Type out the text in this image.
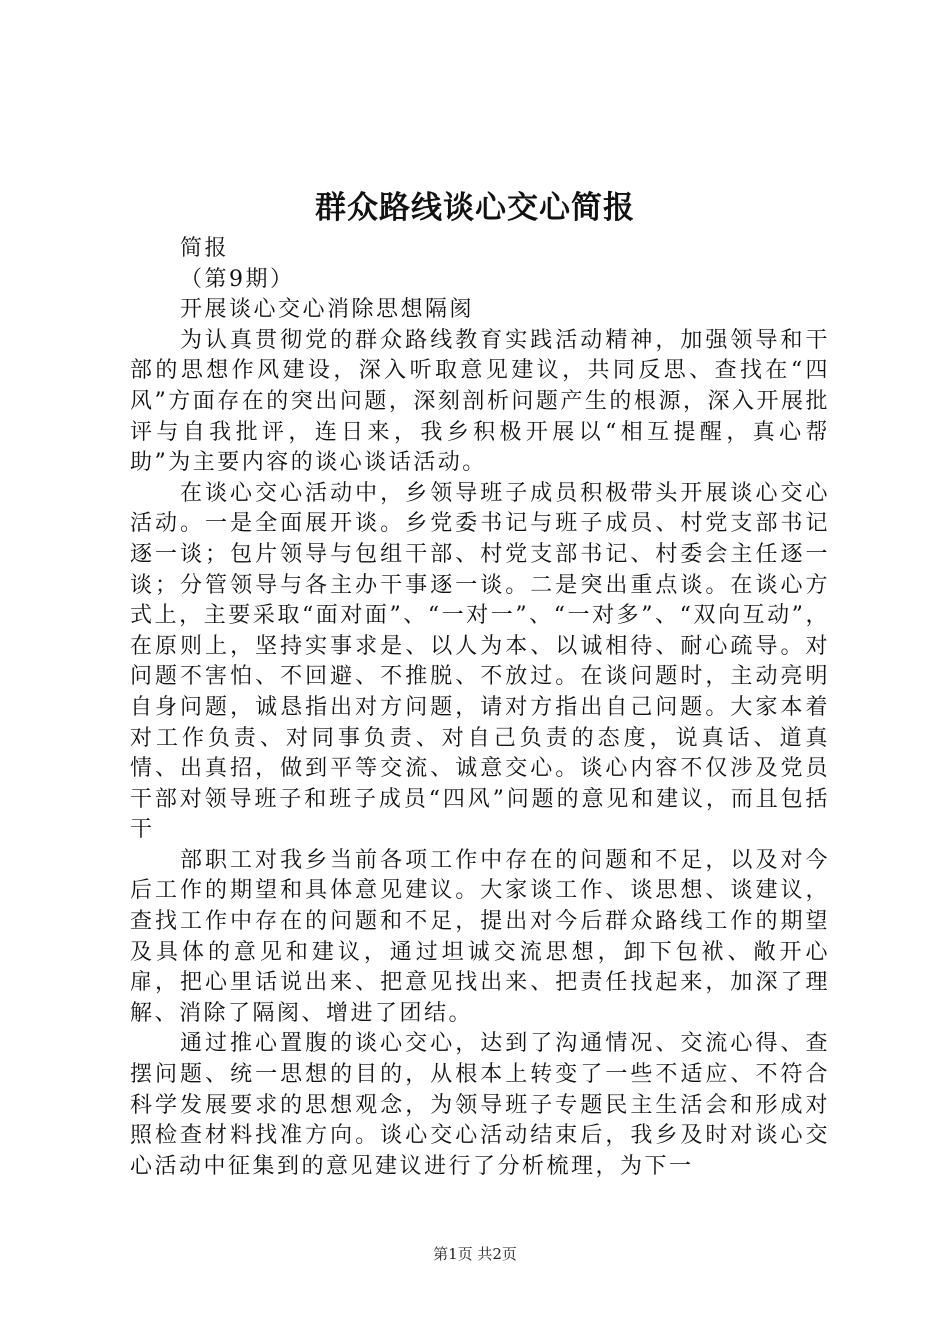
群众路线谈心交心简报

简报

（第9期）

开展谈心交心消除思想隔阂

为认真贯彻党的群众路线教育实践活动精神，加强领导和干部的思想作风建设，深入听取意见建议，共同反思、查找在“四风”方面存在的突出问题，深刻剖析问题产生的根源，深入开展批评与自我批评，连日来，我乡积极开展以“相互提醒，真心帮助”为主要内容的谈心谈话活动。

在谈心交心活动中，乡领导班子成员积极带头开展谈心交心活动。一是全面展开谈。乡党委书记与班子成员、村党支部书记逐一谈；包片领导与包组干部、村党支部书记、村委会主任逐一谈；分管领导与各主办干事逐一谈。二是突出重点谈。在谈心方式上，主要采取“面对面”、“一对一”、“一对多”、“双向互动”，在原则上，坚持实事求是、以人为本、以诚相待、耐心疏导。对问题不害怕、不回避、不推脱、不放过。在谈问题时，主动亮明自身问题，诚恳指出对方问题，请对方指出自己问题。大家本着对工作负责、对同事负责、对自己负责的态度，说真话、道真情、出真招，做到平等交流、诚意交心。谈心内容不仅涉及党员干部对领导班子和班子成员“四风”问题的意见和建议，而且包括干

部职工对我乡当前各项工作中存在的问题和不足，以及对今后工作的期望和具体意见建议。大家谈工作、谈思想、谈建议，查找工作中存在的问题和不足，提出对今后群众路线工作的期望及具体的意见和建议，通过坦诚交流思想，卸下包袱、敞开心扉，把心里话说出来、把意见找出来、把责任找起来，加深了理解、消除了隔阂、增进了团结。

通过推心置腹的谈心交心，达到了沟通情况、交流心得、查摆问题、统一思想的目的，从根本上转变了一些不适应、不符合科学发展要求的思想观念，为领导班子专题民主生活会和形成对照检查材料找准方向。谈心交心活动结束后，我乡及时对谈心交心活动中征集到的意见建议进行了分析梳理，为下一

第1页 共2页
